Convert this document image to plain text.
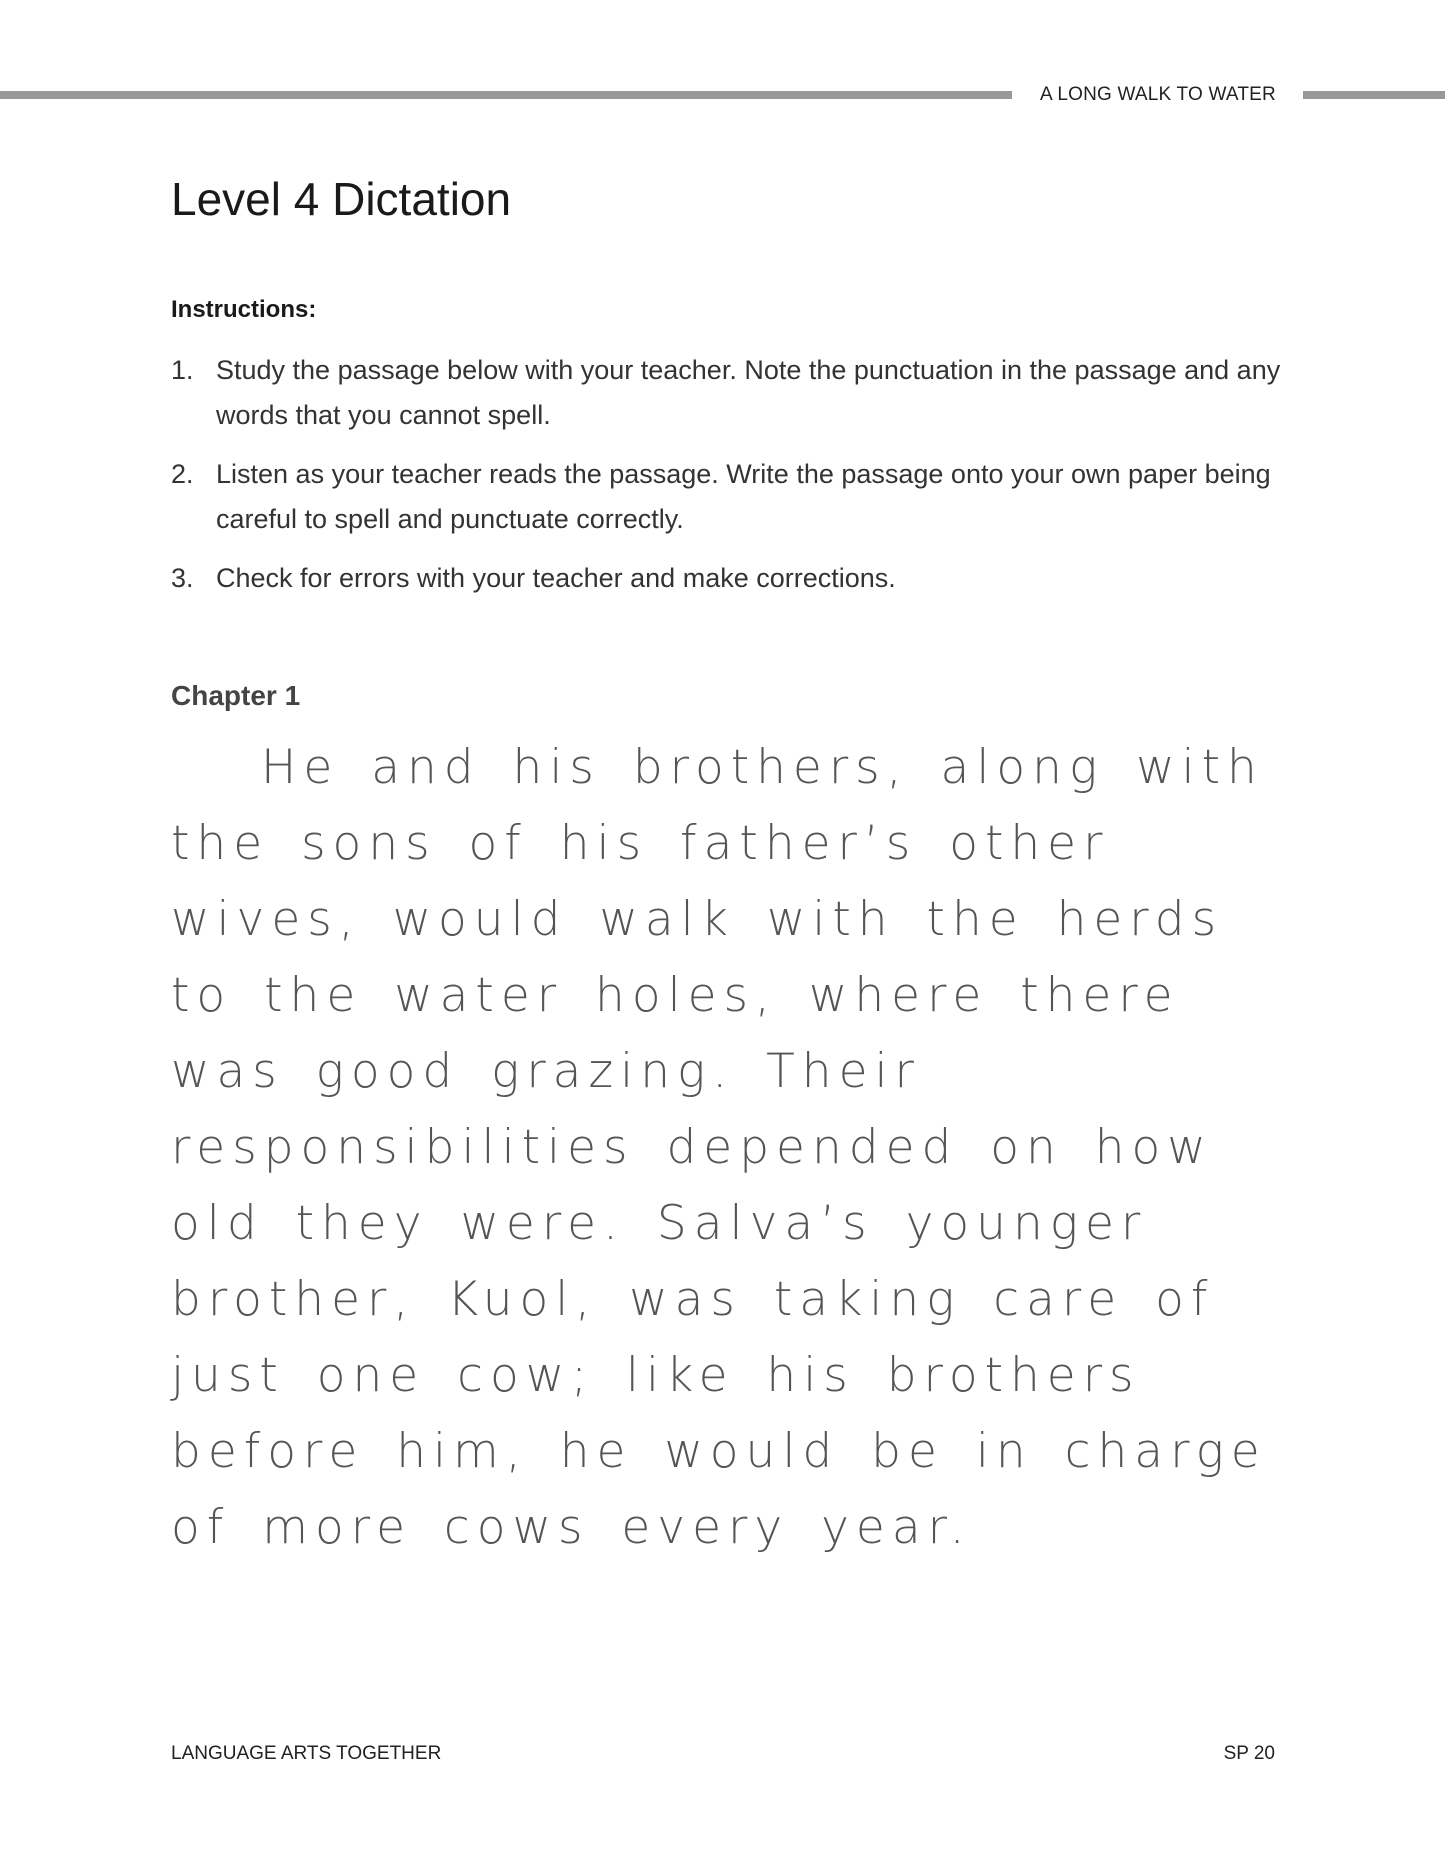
A LONG WALK TO WATER
Level 4 Dictation
Instructions:
1. Study the passage below with your teacher. Note the punctuation in the passage and any words that you cannot spell.
2. Listen as your teacher reads the passage. Write the passage onto your own paper being careful to spell and punctuate correctly.
3. Check for errors with your teacher and make corrections.
Chapter 1

He and his brothers, along with the sons of his father’s other wives, would walk with the herds to the water holes, where there was good grazing. Their responsibilities depended on how old they were. Salva’s younger brother, Kuol, was taking care of just one cow; like his brothers before him, he would be in charge of more cows every year.

LANGUAGE ARTS TOGETHER	SP 20
